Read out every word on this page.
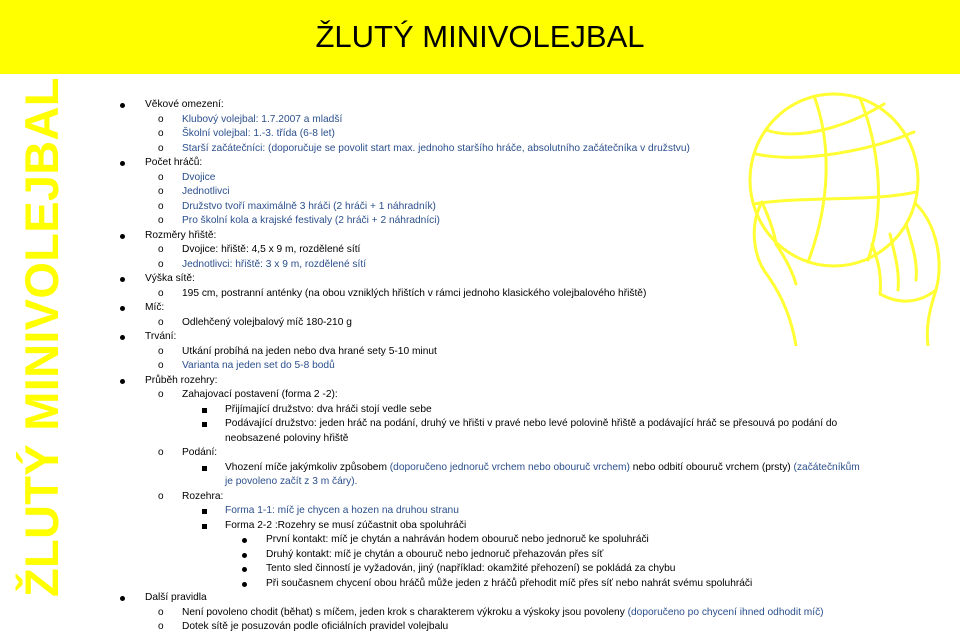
ŽLUTÝ MINIVOLEJBAL
ŽLUTÝ MINIVOLEJBAL	Věkové omezení:
o Klubový volejbal: 1.7.2007 a mladší
o Školní volejbal: 1.-3. třída (6-8 let)
o Starší začátečníci: (doporučuje se povolit start max. jednoho staršího hráče, absolutního začátečníka v družstvu)
Počet hráčů:
o Dvojice
o Jednotlivci
o Družstvo tvoří maximálně 3 hráči (2 hráči + 1 náhradník)
o Pro školní kola a krajské festivaly (2 hráči + 2 náhradníci)
Rozměry hřiště:
o Dvojice: hřiště: 4,5 x 9 m, rozdělené sítí
o Jednotlivci: hřiště: 3 x 9 m, rozdělené sítí
Výška sítě:
o 195 cm, postranní anténky (na obou vzniklých hřištích v rámci jednoho klasického volejbalového hřiště)
Míč:
o Odlehčený volejbalový míč 180-210 g
Trvání:
o Utkání probíhá na jeden nebo dva hrané sety 5-10 minut
o Varianta na jeden set do 5-8 bodů
Průběh rozehry:
o Zahajovací postavení (forma 2 -2):
Přijímající družstvo: dva hráči stojí vedle sebe
Podávající družstvo: jeden hráč na podání, druhý ve hřišti v pravé nebo levé polovině hřiště a podávající hráč se přesouvá po podání do
neobsazené poloviny hřiště
o Podání:
Vhození míče jakýmkoliv způsobem (doporučeno jednoruč vrchem nebo obouruč vrchem) nebo odbití obouruč vrchem (prsty) (začátečníkům
je povoleno začít z 3 m čáry).
o Rozehra:
Forma 1-1: míč je chycen a hozen na druhou stranu
Forma 2-2 :Rozehry se musí zúčastnit oba spoluhráči
První kontakt: míč je chytán a nahráván hodem obouruč nebo jednoruč ke spoluhráči
Druhý kontakt: míč je chytán a obouruč nebo jednoruč přehazován přes síť
Tento sled činností je vyžadován, jiný (například: okamžité přehození) se pokládá za chybu
Při současnem chycení obou hráčů může jeden z hráčů přehodit míč přes síť nebo nahrát svému spoluhráči
Další pravidla
o Není povoleno chodit (běhat) s míčem, jeden krok s charakterem výkroku a výskoky jsou povoleny (doporučeno po chycení ihned odhodit míč)
o Dotek sítě je posuzován podle oficiálních pravidel volejbalu
